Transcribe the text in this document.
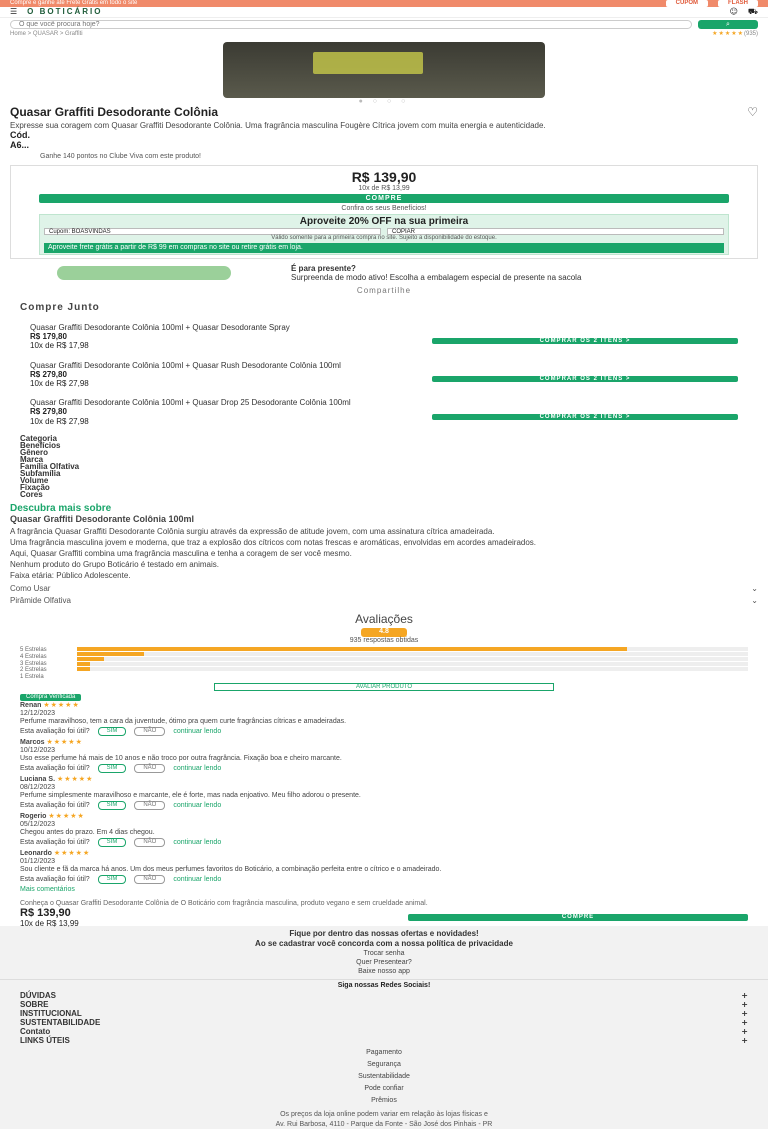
Compre e ganhe até Frete Grátis em todo o site	CUPOM	FLASH
☰ O BOTICÁRIO	☺ ⛟
O que você procura hoje?
⌕
Home > QUASAR > Graffiti	★★★★★ (935)
● ○ ○ ○
Quasar Graffiti Desodorante Colônia	♡
Expresse sua coragem com Quasar Graffiti Desodorante Colônia. Uma fragrância masculina Fougère Cítrica jovem com muita energia e autenticidade.
Cód.
A6...
Ganhe 140 pontos no Clube Viva com este produto!
R$ 139,90
10x de R$ 13,99
COMPRE
Confira os seus Benefícios!
Aproveite 20% OFF na sua primeira
Cupom: BOASVINDAS	COPIAR
Válido somente para a primeira compra no site. Sujeito a disponibilidade do estoque.
Aproveite frete grátis a partir de R$ 99 em compras no site ou retire grátis em loja.
É para presente?
Surpreenda de modo ativo! Escolha a embalagem especial de presente na sacola
Compartilhe
Compre Junto
Quasar Graffiti Desodorante Colônia 100ml + Quasar Desodorante Spray
R$ 179,80
10x de R$ 17,98	COMPRAR OS 2 ITENS >
Quasar Graffiti Desodorante Colônia 100ml + Quasar Rush Desodorante Colônia 100ml
R$ 279,80
10x de R$ 27,98	COMPRAR OS 2 ITENS >
Quasar Graffiti Desodorante Colônia 100ml + Quasar Drop 25 Desodorante Colônia 100ml
R$ 279,80
10x de R$ 27,98	COMPRAR OS 2 ITENS >
Categoria
Benefícios
Gênero
Marca
Família Olfativa
Subfamília
Volume
Fixação
Cores
Descubra mais sobre
Quasar Graffiti Desodorante Colônia 100ml

A fragrância Quasar Graffiti Desodorante Colônia surgiu através da expressão de atitude jovem, com uma assinatura cítrica amadeirada.

Uma fragrância masculina jovem e moderna, que traz a explosão dos cítricos com notas frescas e aromáticas, envolvidas em acordes amadeirados.

Aqui, Quasar Graffiti combina uma fragrância masculina e tenha a coragem de ser você mesmo.

Nenhum produto do Grupo Boticário é testado em animais.

Faixa etária: Público Adolescente.

Como Usar	⌄
Pirâmide Olfativa	⌄
Avaliações
4.8
935 respostas obtidas
5 Estrelas
4 Estrelas
3 Estrelas
2 Estrelas
1 Estrela
AVALIAR PRODUTO
Compra Verificada
Renan ★★★★★
12/12/2023
Perfume maravilhoso, tem a cara da juventude, ótimo pra quem curte fragrâncias cítricas e amadeiradas.
Esta avaliação foi útil?	SIM	NÃO	continuar lendo
Marcos ★★★★★
10/12/2023
Uso esse perfume há mais de 10 anos e não troco por outra fragrância. Fixação boa e cheiro marcante.
Esta avaliação foi útil?	SIM	NÃO	continuar lendo
Luciana S. ★★★★★
08/12/2023
Perfume simplesmente maravilhoso e marcante, ele é forte, mas nada enjoativo. Meu filho adorou o presente.
Esta avaliação foi útil?	SIM	NÃO	continuar lendo
Rogerio ★★★★★
05/12/2023
Chegou antes do prazo. Em 4 dias chegou.
Esta avaliação foi útil?	SIM	NÃO	continuar lendo
Leonardo ★★★★★
01/12/2023
Sou cliente e fã da marca há anos. Um dos meus perfumes favoritos do Boticário, a combinação perfeita entre o cítrico e o amadeirado.
Esta avaliação foi útil?	SIM	NÃO	continuar lendo
Mais comentários
Conheça o Quasar Graffiti Desodorante Colônia de O Boticário com fragrância masculina, produto vegano e sem crueldade animal.
R$ 139,90
10x de R$ 13,99
COMPRE
Fique por dentro das nossas ofertas e novidades!
Ao se cadastrar você concorda com a nossa política de privacidade
Trocar senha
Quer Presentear?
Baixe nosso app
Siga nossas Redes Sociais!
DÚVIDAS	+
SOBRE	+
INSTITUCIONAL	+
SUSTENTABILIDADE	+
Contato	+
LINKS ÚTEIS	+
Pagamento
Segurança
Sustentabilidade
Pode confiar
Prêmios
Os preços da loja online podem variar em relação às lojas físicas e
Av. Rui Barbosa, 4110 - Parque da Fonte - São José dos Pinhais - PR
